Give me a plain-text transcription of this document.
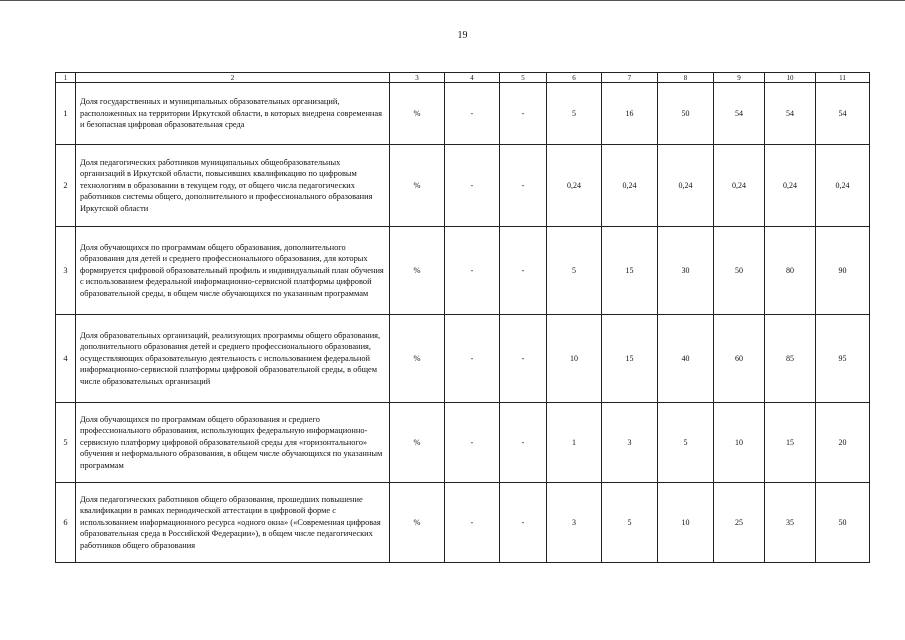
19
1	2	3	4	5	6	7	8	9	10	11
1	Доля государственных и муниципальных образовательных организаций, расположенных на территории Иркутской области, в которых внедрена современная и безопасная цифровая образовательная среда	%	-	-	5	16	50	54	54	54
2	Доля педагогических работников муниципальных общеобразовательных организаций в Иркутской области, повысивших квалификацию по цифровым технологиям в образовании в текущем году, от общего числа педагогических работников системы общего, дополнительного и профессионального образования Иркутской области	%	-	-	0,24	0,24	0,24	0,24	0,24	0,24
3	Доля обучающихся по программам общего образования, дополнительного образования для детей и среднего профессионального образования, для которых формируется цифровой образовательный профиль и индивидуальный план обучения с использованием федеральной информационно-сервисной платформы цифровой образовательной среды, в общем числе обучающихся по указанным программам	%	-	-	5	15	30	50	80	90
4	Доля образовательных организаций, реализующих программы общего образования, дополнительного образования детей и среднего профессионального образования, осуществляющих образовательную деятельность с использованием федеральной информационно-сервисной платформы цифровой образовательной среды, в общем числе образовательных организаций	%	-	-	10	15	40	60	85	95
5	Доля обучающихся по программам общего образования и среднего профессионального образования, использующих федеральную информационно-сервисную платформу цифровой образовательной среды для «горизонтального» обучения и неформального образования, в общем числе обучающихся по указанным программам	%	-	-	1	3	5	10	15	20
6	Доля педагогических работников общего образования, прошедших повышение квалификации в рамках периодической аттестации в цифровой форме с использованием информационного ресурса «одного окна» («Современная цифровая образовательная среда в Российской Федерации»), в общем числе педагогических работников общего образования	%	-	-	3	5	10	25	35	50
